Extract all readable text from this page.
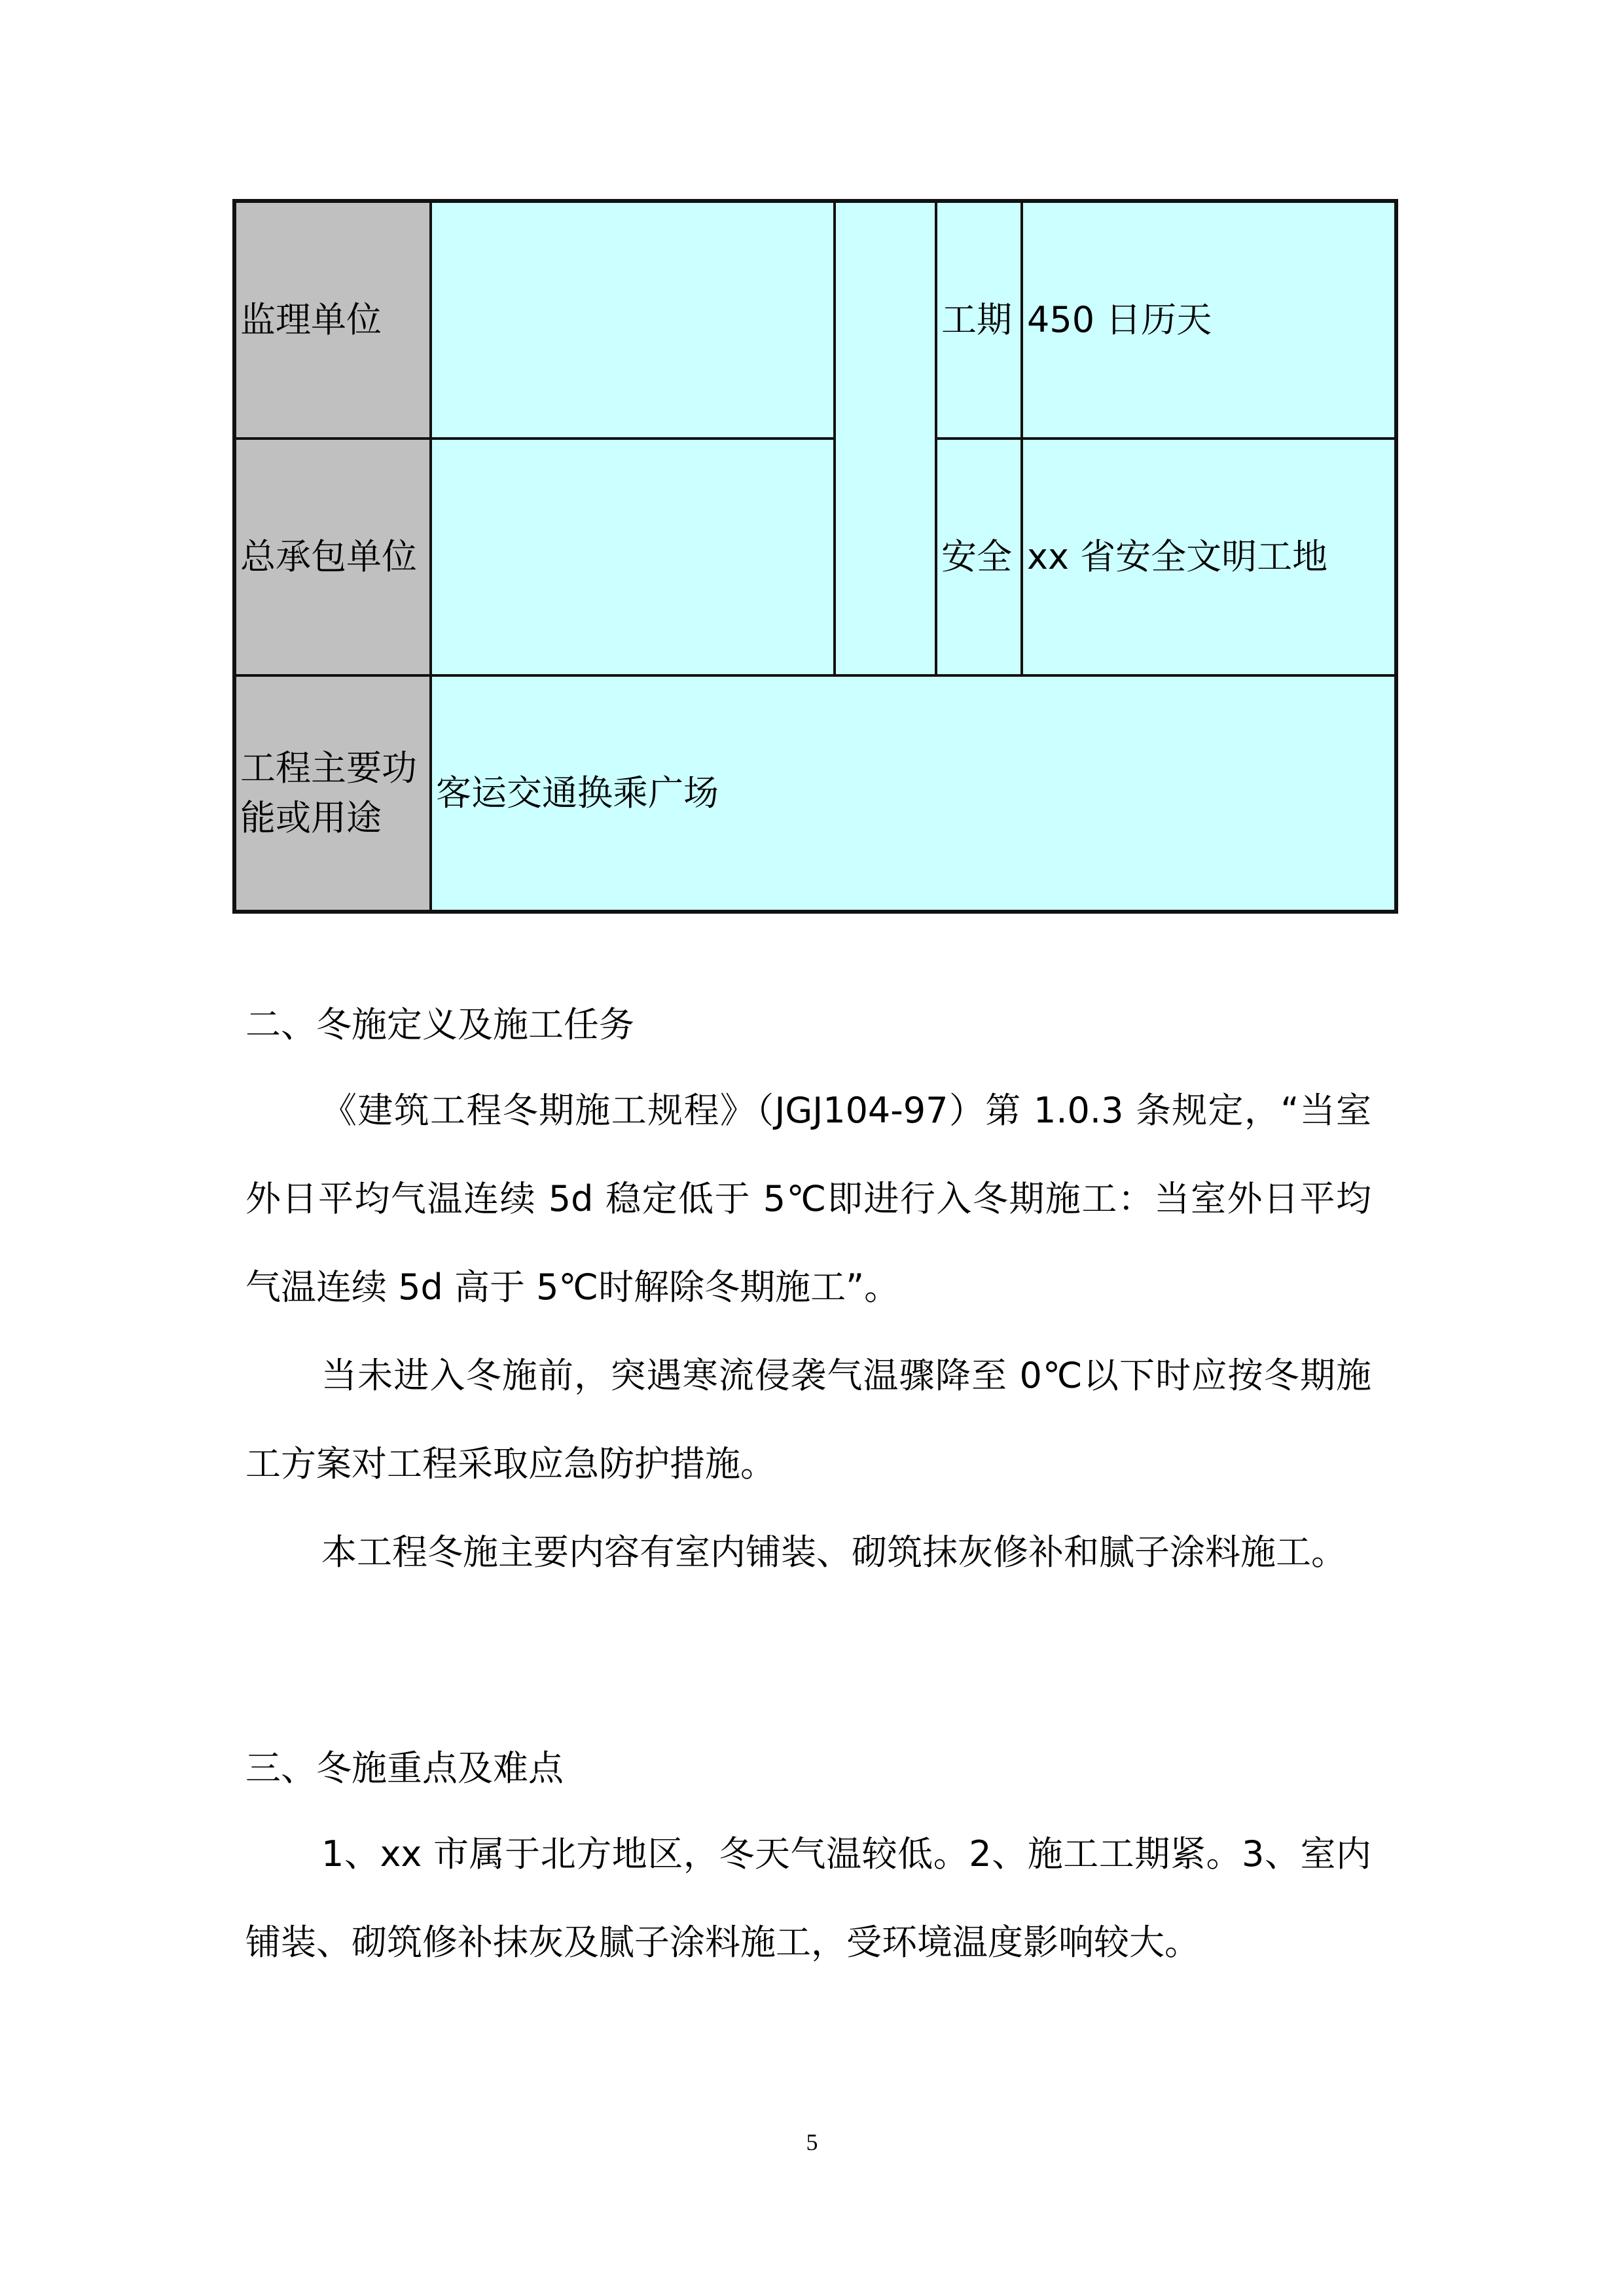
监理单位	工期 450 日历天
总承包单位	安全 xx 省安全文明工地
工程主要功能或用途
客运交通换乘广场

二、冬施定义及施工任务

《建筑工程冬期施工规程》（JGJ104-97）第 1.0.3 条规定，“当室外日平均气温连续 5d 稳定低于 5℃即进行入冬期施工：当室外日平均气温连续 5d 高于 5℃时解除冬期施工”。

当未进入冬施前，突遇寒流侵袭气温骤降至 0℃以下时应按冬期施工方案对工程采取应急防护措施。

本工程冬施主要内容有室内铺装、砌筑抹灰修补和腻子涂料施工。

三、冬施重点及难点

1、xx 市属于北方地区，冬天气温较低。2、施工工期紧。3、室内铺装、砌筑修补抹灰及腻子涂料施工，受环境温度影响较大。

5
